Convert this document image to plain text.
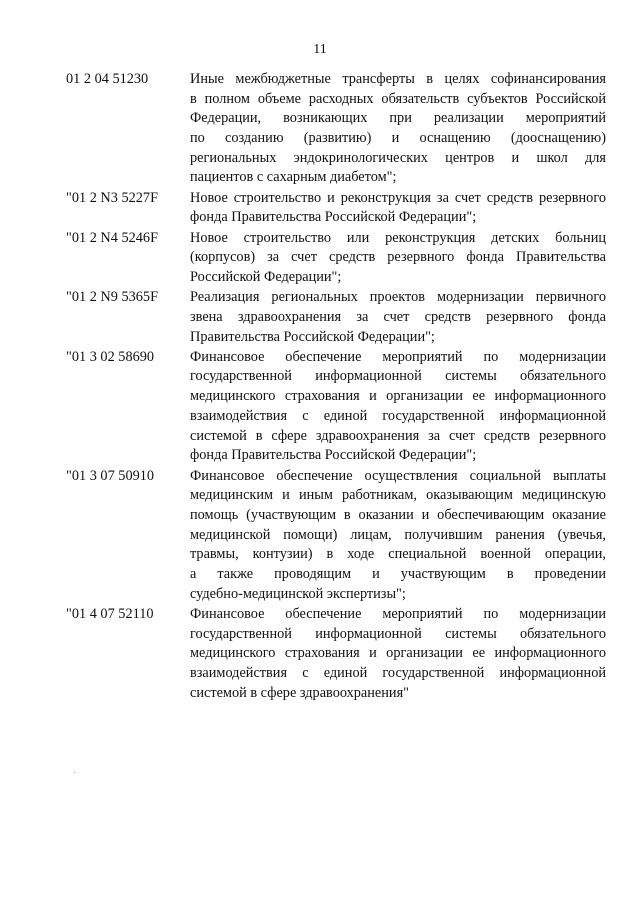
11
01 2 04 51230	Иные межбюджетные трансферты в целях софинансирования
в полном объеме расходных обязательств субъектов Российской
Федерации, возникающих при реализации мероприятий
по созданию (развитию) и оснащению (дооснащению)
региональных эндокринологических центров и школ для
пациентов с сахарным диабетом";
"01 2 N3 5227F	Новое строительство и реконструкция за счет средств резервного
фонда Правительства Российской Федерации";
"01 2 N4 5246F	Новое строительство или реконструкция детских больниц
(корпусов) за счет средств резервного фонда Правительства
Российской Федерации";
"01 2 N9 5365F	Реализация региональных проектов модернизации первичного
звена здравоохранения за счет средств резервного фонда
Правительства Российской Федерации";
"01 3 02 58690	Финансовое обеспечение мероприятий по модернизации
государственной информационной системы обязательного
медицинского страхования и организации ее информационного
взаимодействия с единой государственной информационной
системой в сфере здравоохранения за счет средств резервного
фонда Правительства Российской Федерации";
"01 3 07 50910	Финансовое обеспечение осуществления социальной выплаты
медицинским и иным работникам, оказывающим медицинскую
помощь (участвующим в оказании и обеспечивающим оказание
медицинской помощи) лицам, получившим ранения (увечья,
травмы, контузии) в ходе специальной военной операции,
а также проводящим и участвующим в проведении
судебно-медицинской экспертизы";
"01 4 07 52110	Финансовое обеспечение мероприятий по модернизации
государственной информационной системы обязательного
медицинского страхования и организации ее информационного
взаимодействия с единой государственной информационной
системой в сфере здравоохранения"
